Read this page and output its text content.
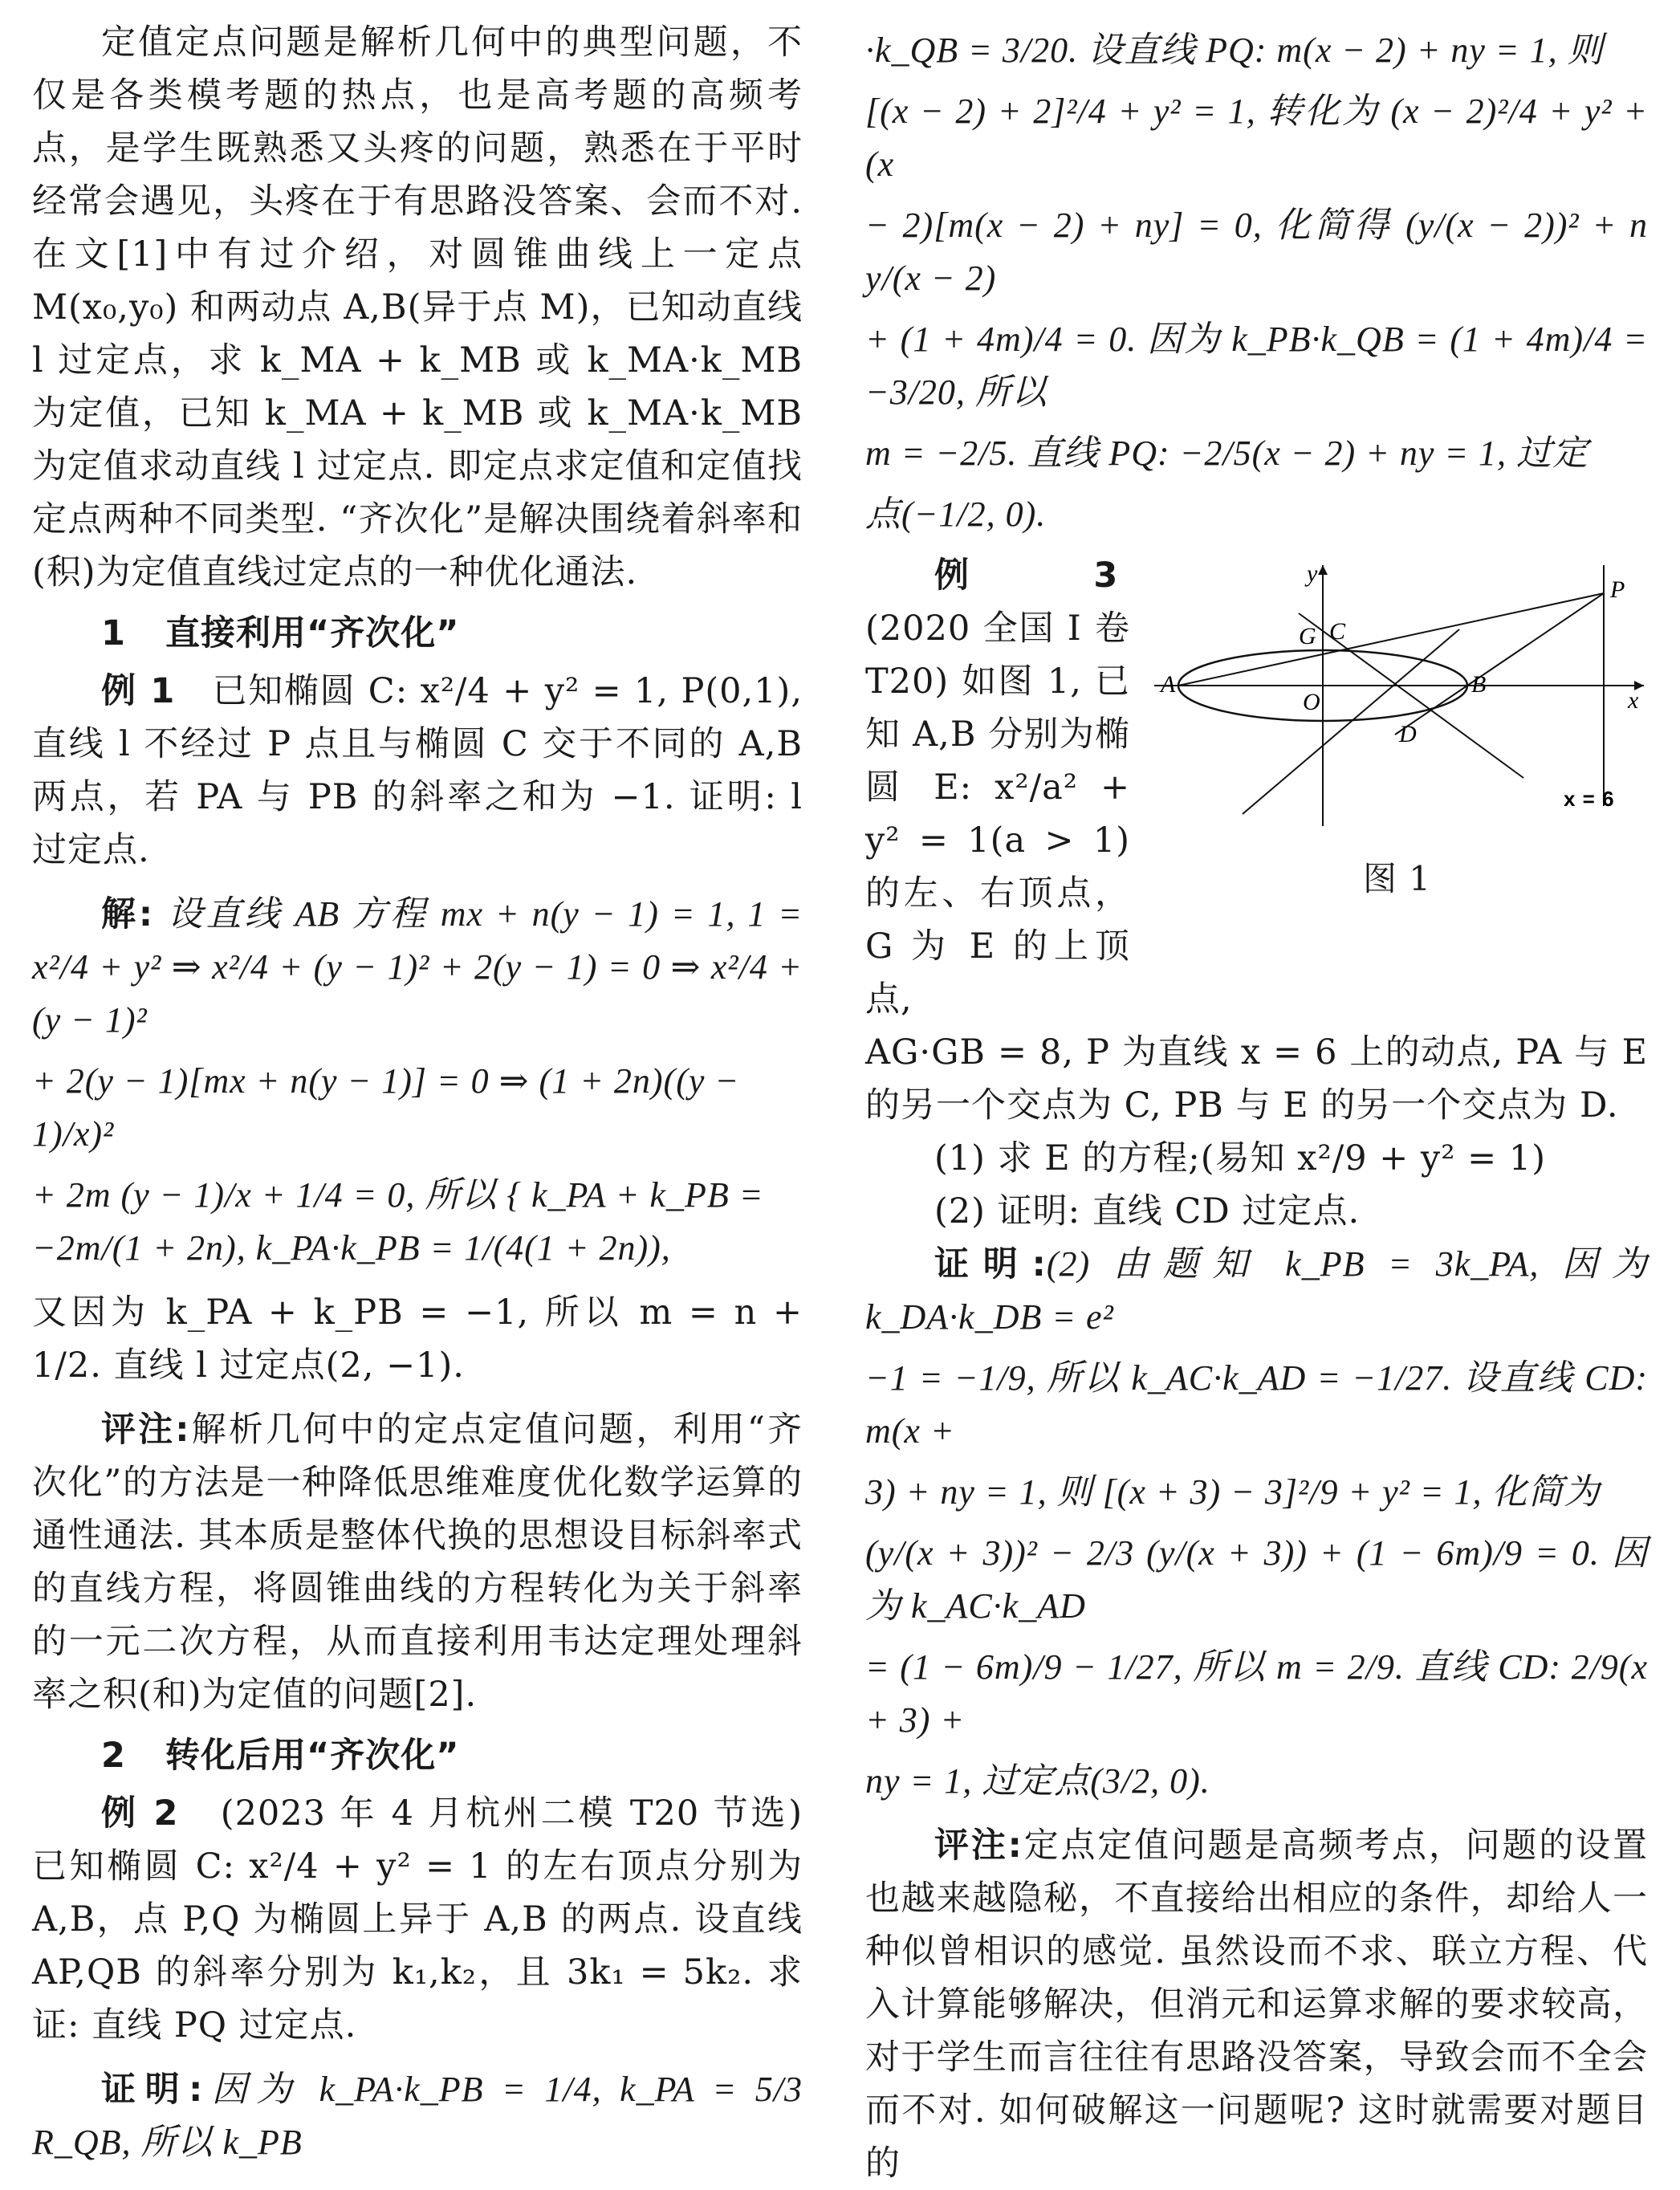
定值定点问题是解析几何中的典型问题，不仅是各类模考题的热点，也是高考题的高频考点，是学生既熟悉又头疼的问题，熟悉在于平时经常会遇见，头疼在于有思路没答案、会而不对. 在文[1]中有过介绍，对圆锥曲线上一定点 M(x₀,y₀) 和两动点 A,B(异于点 M)，已知动直线 l 过定点，求 k_MA + k_MB 或 k_MA·k_MB 为定值，已知 k_MA + k_MB 或 k_MA·k_MB 为定值求动直线 l 过定点. 即定点求定值和定值找定点两种不同类型. “齐次化”是解决围绕着斜率和(积)为定值直线过定点的一种优化通法.

1 直接利用“齐次化”

例 1 已知椭圆 C: x²/4 + y² = 1, P(0,1), 直线 l 不经过 P 点且与椭圆 C 交于不同的 A,B 两点，若 PA 与 PB 的斜率之和为 −1. 证明: l 过定点.

解: 设直线 AB 方程 mx + n(y − 1) = 1, 1 = x²/4 + y² ⇒ x²/4 + (y − 1)² + 2(y − 1) = 0 ⇒ x²/4 + (y − 1)²

+ 2(y − 1)[mx + n(y − 1)] = 0 ⇒ (1 + 2n)((y − 1)/x)²

+ 2m (y − 1)/x + 1/4 = 0, 所以 { k_PA + k_PB = −2m/(1 + 2n), k_PA·k_PB = 1/(4(1 + 2n)),

又因为 k_PA + k_PB = −1, 所以 m = n + 1/2. 直线 l 过定点(2, −1).

评注:解析几何中的定点定值问题，利用“齐次化”的方法是一种降低思维难度优化数学运算的通性通法. 其本质是整体代换的思想设目标斜率式的直线方程，将圆锥曲线的方程转化为关于斜率的一元二次方程，从而直接利用韦达定理处理斜率之积(和)为定值的问题[2].

2 转化后用“齐次化”

例 2 (2023 年 4 月杭州二模 T20 节选) 已知椭圆 C: x²/4 + y² = 1 的左右顶点分别为 A,B，点 P,Q 为椭圆上异于 A,B 的两点. 设直线 AP,QB 的斜率分别为 k₁,k₂，且 3k₁ = 5k₂. 求证: 直线 PQ 过定点.

证明:因为 k_PA·k_PB = 1/4, k_PA = 5/3 R_QB, 所以 k_PB

·k_QB = 3/20. 设直线 PQ: m(x − 2) + ny = 1, 则

[(x − 2) + 2]²/4 + y² = 1, 转化为 (x − 2)²/4 + y² + (x

− 2)[m(x − 2) + ny] = 0, 化简得 (y/(x − 2))² + n y/(x − 2)

+ (1 + 4m)/4 = 0. 因为 k_PB·k_QB = (1 + 4m)/4 = −3/20, 所以

m = −2/5. 直线 PQ: −2/5(x − 2) + ny = 1, 过定

点(−1/2, 0).

例 3  (2020 全国 Ⅰ 卷 T20) 如图 1, 已知 A,B 分别为椭圆 E: x²/a² + y² = 1(a > 1) 的左、右顶点，G 为 E 的上顶点,

y
x
P
G C
A
O
B
D
x = 6
图 1

AG·GB = 8, P 为直线 x = 6 上的动点, PA 与 E 的另一个交点为 C, PB 与 E 的另一个交点为 D.

(1) 求 E 的方程;(易知 x²/9 + y² = 1)

(2) 证明: 直线 CD 过定点.

证明:(2) 由题知 k_PB = 3k_PA, 因为 k_DA·k_DB = e²

−1 = −1/9, 所以 k_AC·k_AD = −1/27. 设直线 CD: m(x +

3) + ny = 1, 则 [(x + 3) − 3]²/9 + y² = 1, 化简为

(y/(x + 3))² − 2/3 (y/(x + 3)) + (1 − 6m)/9 = 0. 因为 k_AC·k_AD

= (1 − 6m)/9 − 1/27, 所以 m = 2/9. 直线 CD: 2/9(x + 3) +

ny = 1, 过定点(3/2, 0).

评注:定点定值问题是高频考点，问题的设置也越来越隐秘，不直接给出相应的条件，却给人一种似曾相识的感觉. 虽然设而不求、联立方程、代入计算能够解决，但消元和运算求解的要求较高，对于学生而言往往有思路没答案，导致会而不全会而不对. 如何破解这一问题呢? 这时就需要对题目的
